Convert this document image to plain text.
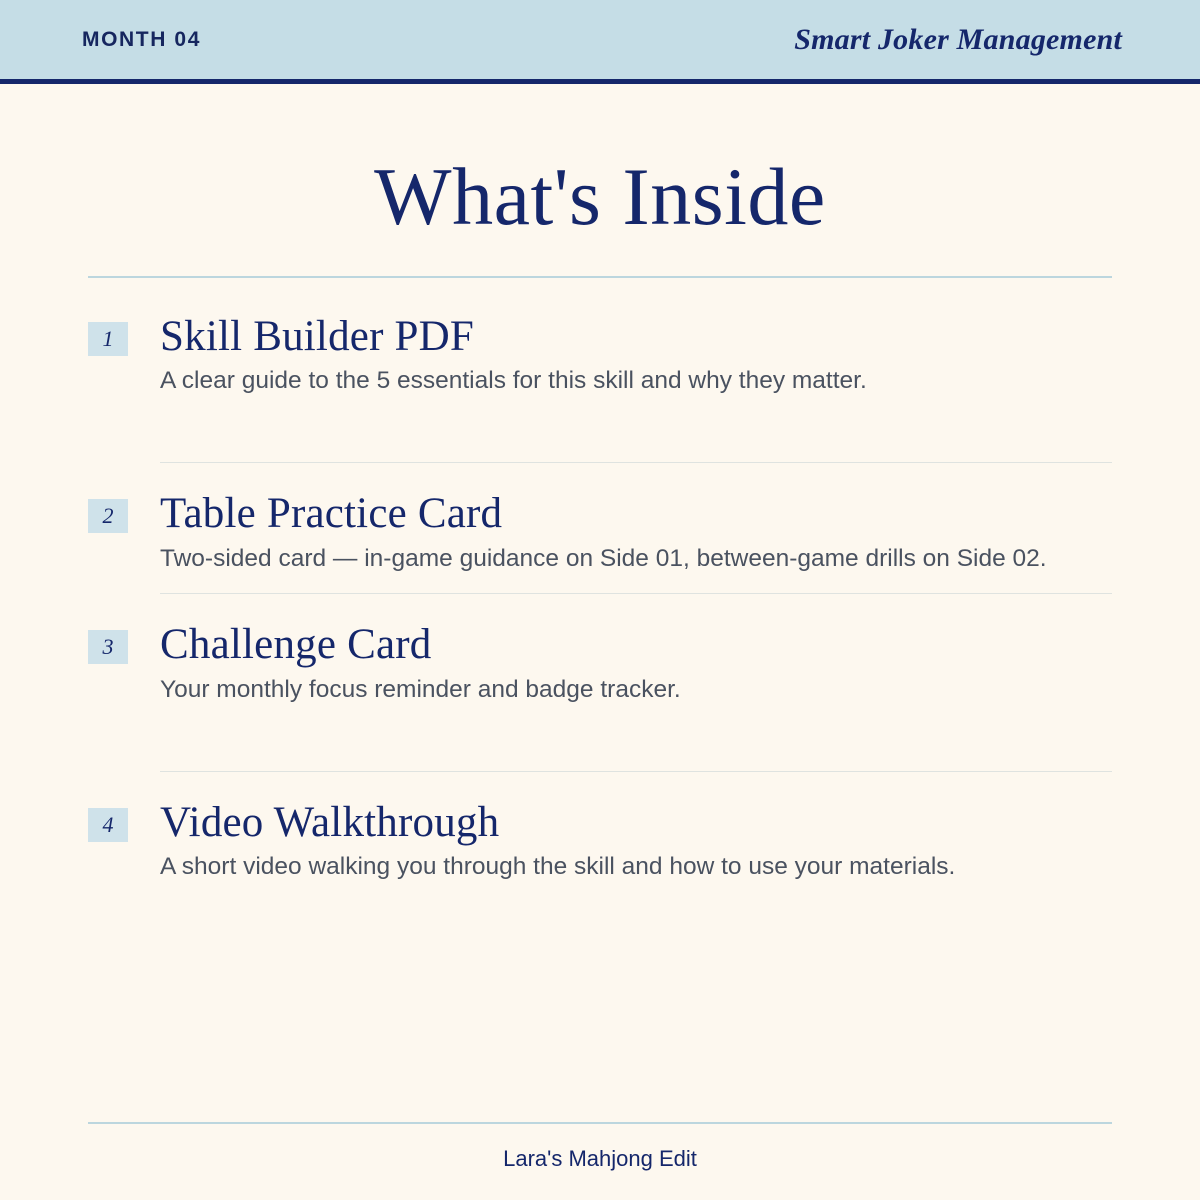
MONTH 04	Smart Joker Management
What's Inside
1 Skill Builder PDF
A clear guide to the 5 essentials for this skill and why they matter.
2 Table Practice Card
Two-sided card — in-game guidance on Side 01, between-game drills on Side 02.
3 Challenge Card
Your monthly focus reminder and badge tracker.
4 Video Walkthrough
A short video walking you through the skill and how to use your materials.
Lara's Mahjong Edit
